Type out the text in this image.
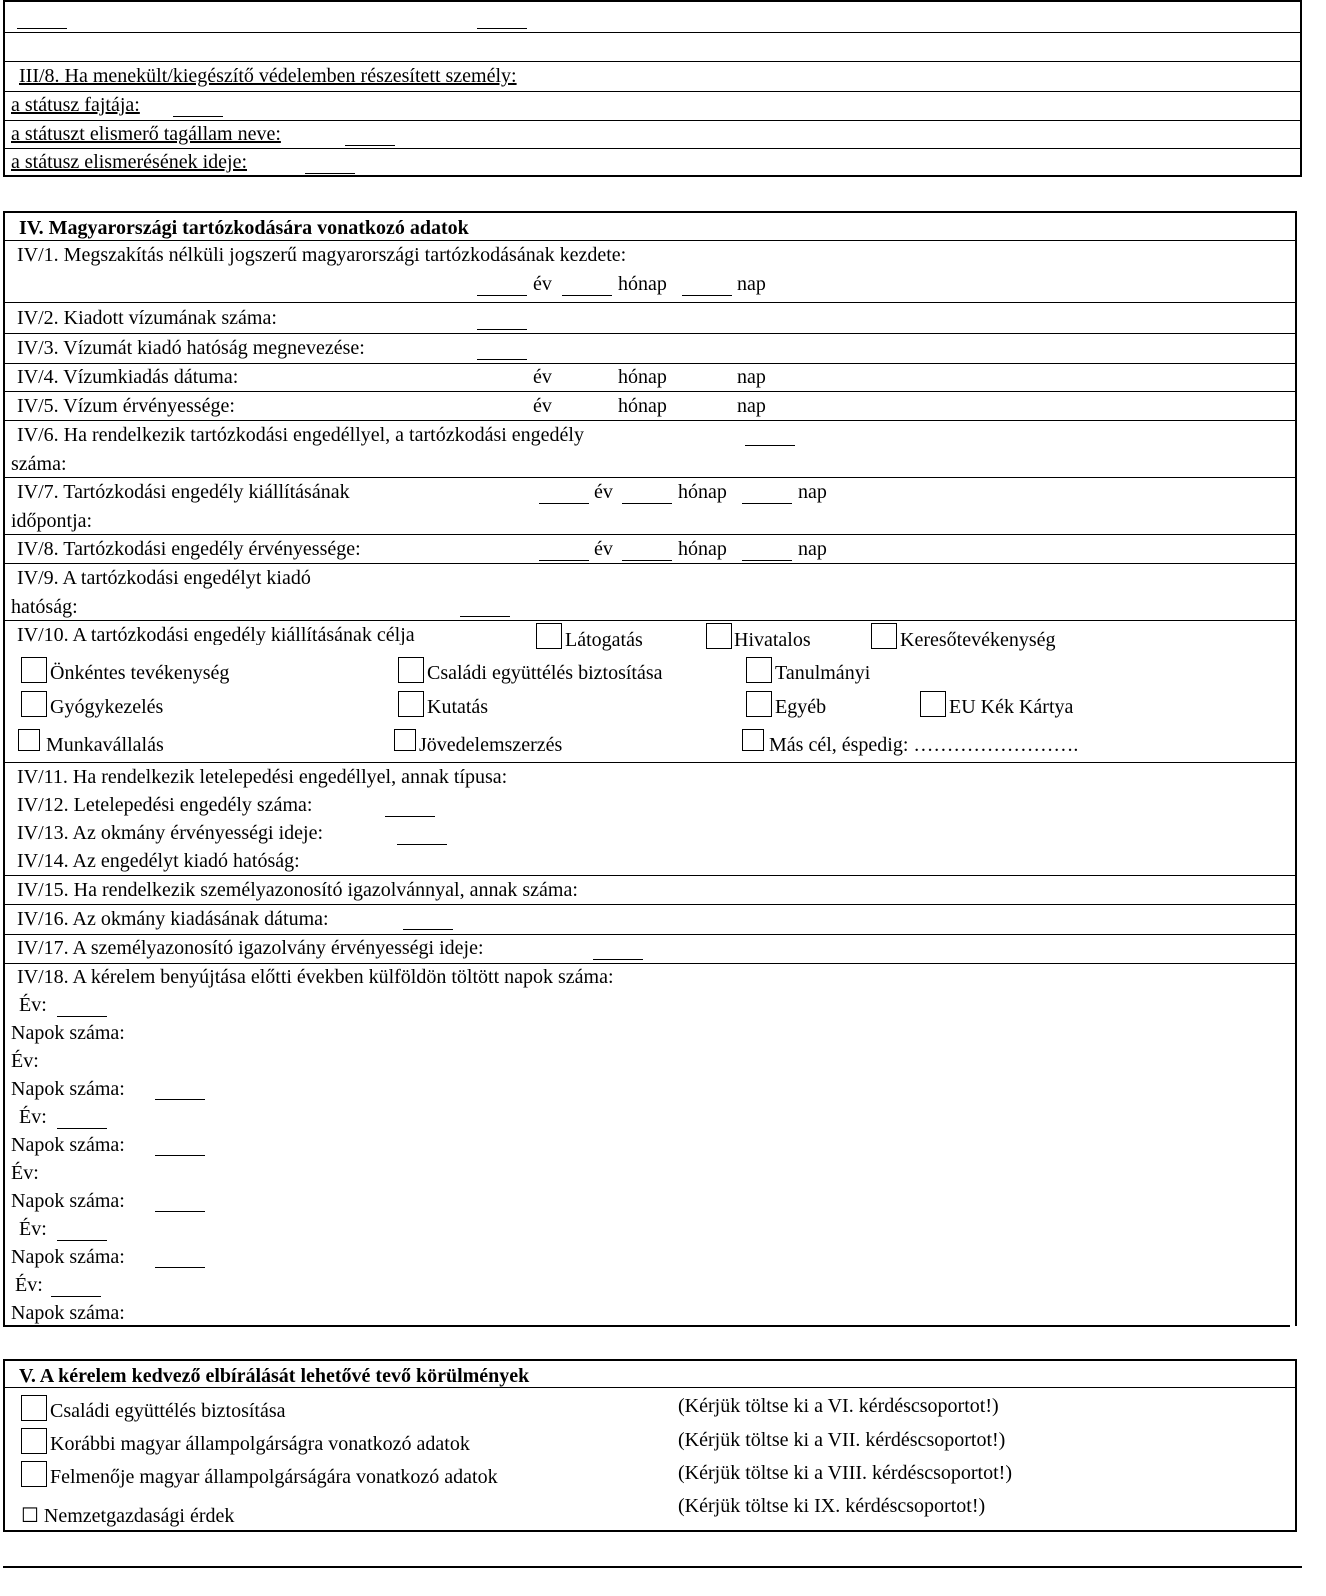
III/8. Ha menekült/kiegészítő védelemben részesített személy:
a státusz fajtája:
a státuszt elismerő tagállam neve:
a státusz elismerésének ideje:
IV. Magyarországi tartózkodására vonatkozó adatok
IV/1. Megszakítás nélküli jogszerű magyarországi tartózkodásának kezdete:
év	hónap	nap
IV/2. Kiadott vízumának száma:
IV/3. Vízumát kiadó hatóság megnevezése:
IV/4. Vízumkiadás dátuma:	év	hónap	nap
IV/5. Vízum érvényessége:	év	hónap	nap
IV/6. Ha rendelkezik tartózkodási engedéllyel, a tartózkodási engedély
száma:
IV/7. Tartózkodási engedély kiállításának	év	hónap	nap
időpontja:
IV/8. Tartózkodási engedély érvényessége:	év	hónap	nap
IV/9. A tartózkodási engedélyt kiadó
hatóság:
IV/10. A tartózkodási engedély kiállításának célja	Látogatás	Hivatalos	Keresőtevékenység
Önkéntes tevékenység	Családi együttélés biztosítása	Tanulmányi
Gyógykezelés	Kutatás	Egyéb	EU Kék Kártya
Munkavállalás	Jövedelemszerzés	Más cél, éspedig: …………………….
IV/11. Ha rendelkezik letelepedési engedéllyel, annak típusa:
IV/12. Letelepedési engedély száma:
IV/13. Az okmány érvényességi ideje:
IV/14. Az engedélyt kiadó hatóság:
IV/15. Ha rendelkezik személyazonosító igazolvánnyal, annak száma:
IV/16. Az okmány kiadásának dátuma:
IV/17. A személyazonosító igazolvány érvényességi ideje:
IV/18. A kérelem benyújtása előtti években külföldön töltött napok száma:
Év:
Napok száma:
Év:
Napok száma:
Év:
Napok száma:
Év:
Napok száma:
Év:
Napok száma:
Év:
Napok száma:
V. A kérelem kedvező elbírálását lehetővé tevő körülmények
Családi együttélés biztosítása	(Kérjük töltse ki a VI. kérdéscsoportot!)
Korábbi magyar állampolgárságra vonatkozó adatok	(Kérjük töltse ki a VII. kérdéscsoportot!)
Felmenője magyar állampolgárságára vonatkozó adatok	(Kérjük töltse ki a VIII. kérdéscsoportot!)
☐ Nemzetgazdasági érdek	(Kérjük töltse ki IX. kérdéscsoportot!)
